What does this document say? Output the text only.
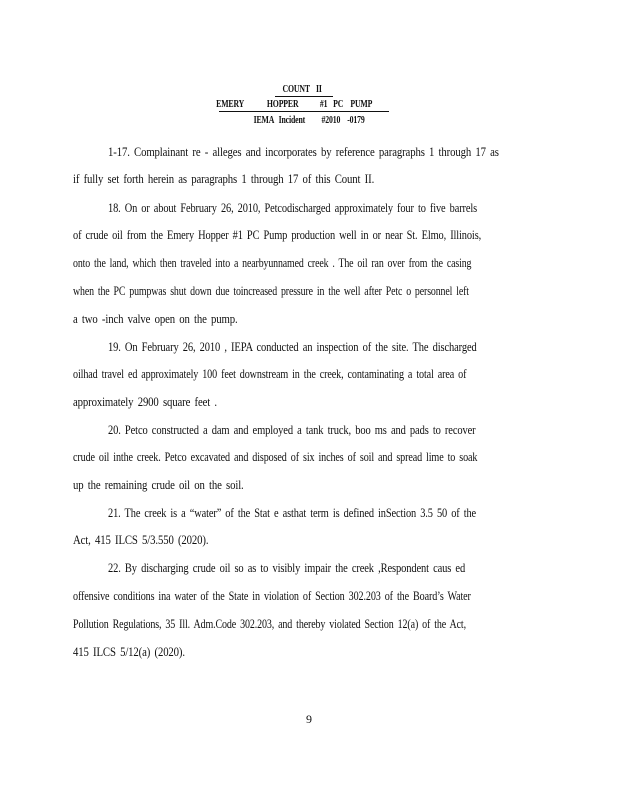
COUNT II
EMERY HOPPER #1 PC PUMP
IEMA Incident #2010 -0179
1-17. Complainant re - alleges and incorporates by reference paragraphs 1 through 17 as
if fully set forth herein as paragraphs 1 through 17 of this Count II.
18. On or about February 26, 2010, Petcodischarged approximately four to five barrels
of crude oil from the Emery Hopper #1 PC Pump production well in or near St. Elmo, Illinois,
onto the land, which then traveled into a nearbyunnamed creek . The oil ran over from the casing
when the PC pumpwas shut down due toincreased pressure in the well after Petc o personnel left
a two -inch valve open on the pump.
19. On February 26, 2010 , IEPA conducted an inspection of the site. The discharged
oilhad travel ed approximately 100 feet downstream in the creek, contaminating a total area of
approximately 2900 square feet .
20. Petco constructed a dam and employed a tank truck, boo ms and pads to recover
crude oil inthe creek. Petco excavated and disposed of six inches of soil and spread lime to soak
up the remaining crude oil on the soil.
21. The creek is a “water” of the Stat e asthat term is defined inSection 3.5 50 of the
Act, 415 ILCS 5/3.550 (2020).
22. By discharging crude oil so as to visibly impair the creek ,Respondent caus ed
offensive conditions ina water of the State in violation of Section 302.203 of the Board’s Water
Pollution Regulations, 35 Ill. Adm.Code 302.203, and thereby violated Section 12(a) of the Act,
415 ILCS 5/12(a) (2020).
9
